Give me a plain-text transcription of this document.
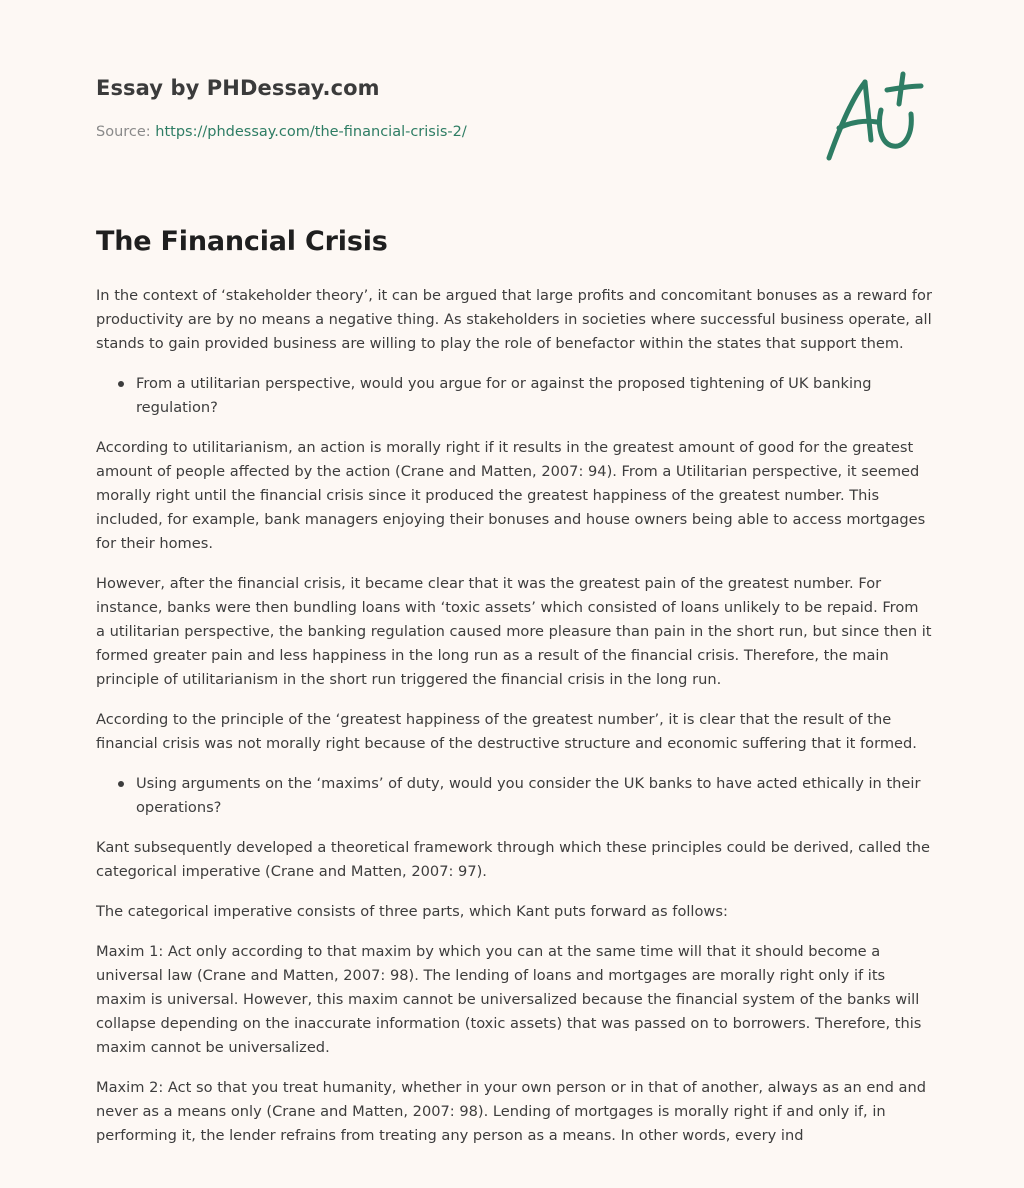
Essay by PHDessay.com
Source: https://phdessay.com/the-financial-crisis-2/
The Financial Crisis

In the context of ‘stakeholder theory’, it can be argued that large profits and concomitant bonuses as a reward for productivity are by no means a negative thing. As stakeholders in societies where successful business operate, all stands to gain provided business are willing to play the role of benefactor within the states that support them.

From a utilitarian perspective, would you argue for or against the proposed tightening of UK banking regulation?

According to utilitarianism, an action is morally right if it results in the greatest amount of good for the greatest amount of people affected by the action (Crane and Matten, 2007: 94). From a Utilitarian perspective, it seemed morally right until the financial crisis since it produced the greatest happiness of the greatest number. This included, for example, bank managers enjoying their bonuses and house owners being able to access mortgages for their homes.

However, after the financial crisis, it became clear that it was the greatest pain of the greatest number. For instance, banks were then bundling loans with ‘toxic assets’ which consisted of loans unlikely to be repaid. From a utilitarian perspective, the banking regulation caused more pleasure than pain in the short run, but since then it formed greater pain and less happiness in the long run as a result of the financial crisis. Therefore, the main principle of utilitarianism in the short run triggered the financial crisis in the long run.

According to the principle of the ‘greatest happiness of the greatest number’, it is clear that the result of the financial crisis was not morally right because of the destructive structure and economic suffering that it formed.

Using arguments on the ‘maxims’ of duty, would you consider the UK banks to have acted ethically in their operations?

Kant subsequently developed a theoretical framework through which these principles could be derived, called the categorical imperative (Crane and Matten, 2007: 97).

The categorical imperative consists of three parts, which Kant puts forward as follows:

Maxim 1: Act only according to that maxim by which you can at the same time will that it should become a universal law (Crane and Matten, 2007: 98). The lending of loans and mortgages are morally right only if its maxim is universal. However, this maxim cannot be universalized because the financial system of the banks will collapse depending on the inaccurate information (toxic assets) that was passed on to borrowers. Therefore, this maxim cannot be universalized.

Maxim 2: Act so that you treat humanity, whether in your own person or in that of another, always as an end and never as a means only (Crane and Matten, 2007: 98). Lending of mortgages is morally right if and only if, in performing it, the lender refrains from treating any person as a means. In other words, every ind
